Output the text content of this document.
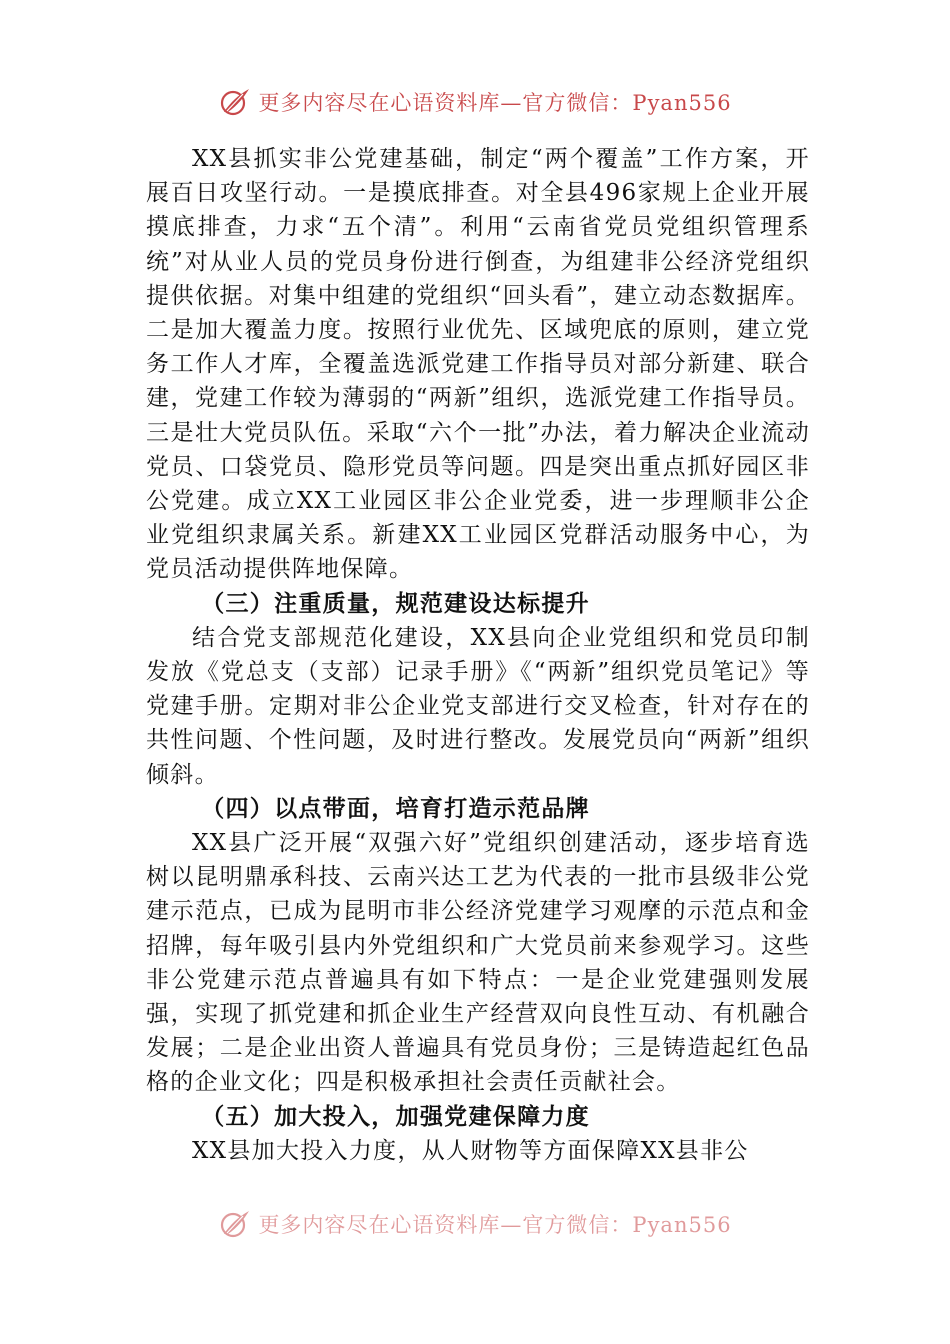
更多内容尽在心语资料库—官方微信：Pyan556

XX县抓实非公党建基础，制定“两个覆盖”工作方案，开展百日攻坚行动。一是摸底排查。对全县496家规上企业开展摸底排查，力求“五个清”。利用“云南省党员党组织管理系统”对从业人员的党员身份进行倒查，为组建非公经济党组织提供依据。对集中组建的党组织“回头看”，建立动态数据库。二是加大覆盖力度。按照行业优先、区域兜底的原则，建立党务工作人才库，全覆盖选派党建工作指导员对部分新建、联合建，党建工作较为薄弱的“两新”组织，选派党建工作指导员。三是壮大党员队伍。采取“六个一批”办法，着力解决企业流动党员、口袋党员、隐形党员等问题。四是突出重点抓好园区非公党建。成立XX工业园区非公企业党委，进一步理顺非公企业党组织隶属关系。新建XX工业园区党群活动服务中心，为党员活动提供阵地保障。

（三）注重质量，规范建设达标提升

结合党支部规范化建设，XX县向企业党组织和党员印制发放《党总支（支部）记录手册》《“两新”组织党员笔记》等党建手册。定期对非公企业党支部进行交叉检查，针对存在的共性问题、个性问题，及时进行整改。发展党员向“两新”组织倾斜。

（四）以点带面，培育打造示范品牌

XX县广泛开展“双强六好”党组织创建活动，逐步培育选树以昆明鼎承科技、云南兴达工艺为代表的一批市县级非公党建示范点，已成为昆明市非公经济党建学习观摩的示范点和金招牌，每年吸引县内外党组织和广大党员前来参观学习。这些非公党建示范点普遍具有如下特点：一是企业党建强则发展强，实现了抓党建和抓企业生产经营双向良性互动、有机融合发展；二是企业出资人普遍具有党员身份；三是铸造起红色品格的企业文化；四是积极承担社会责任贡献社会。

（五）加大投入，加强党建保障力度

XX县加大投入力度，从人财物等方面保障XX县非公

更多内容尽在心语资料库—官方微信：Pyan556
